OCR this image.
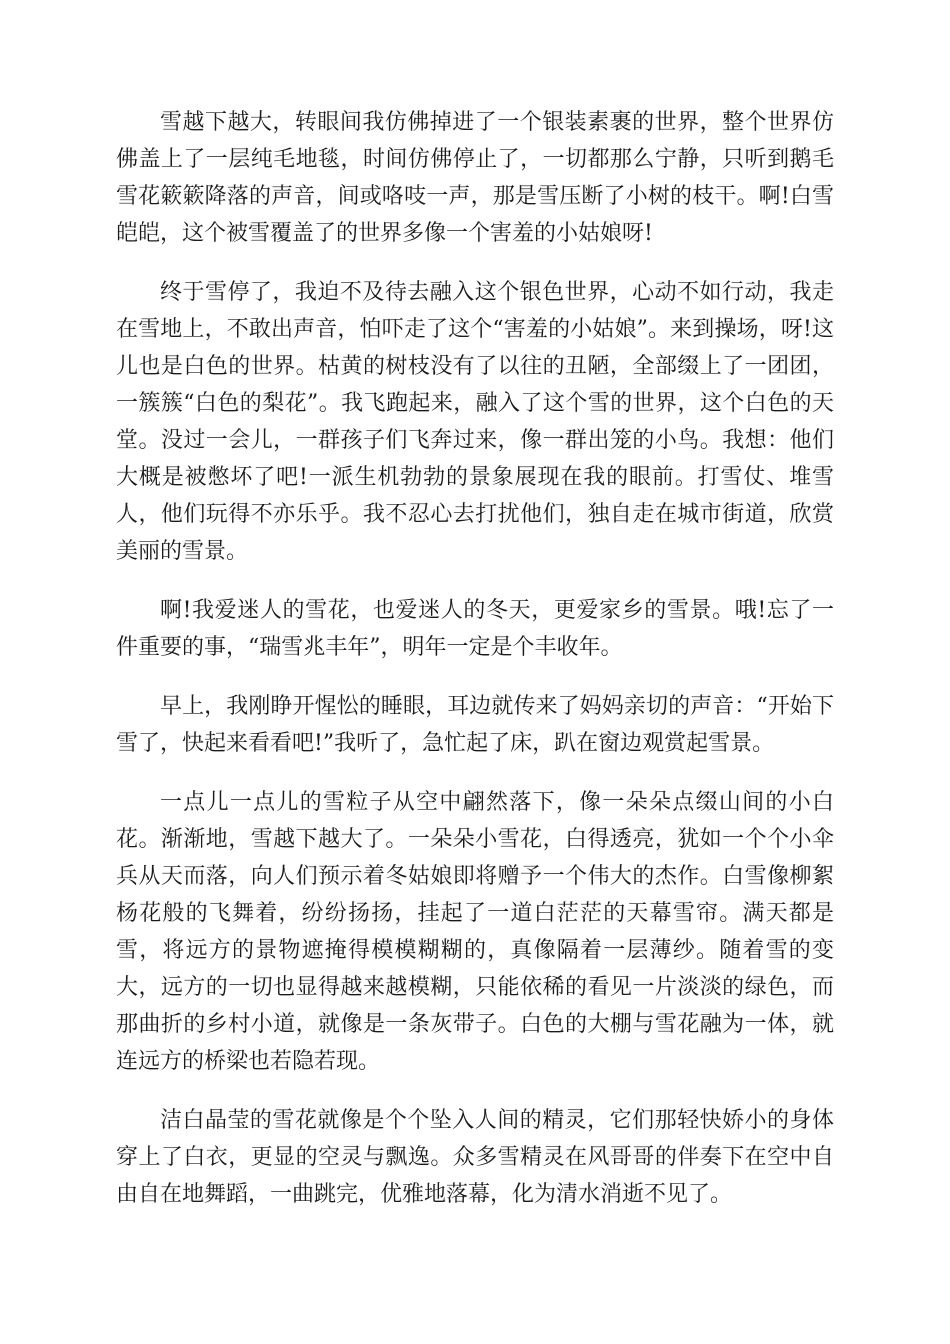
雪越下越大，转眼间我仿佛掉进了一个银装素裹的世界，整个世界仿佛盖上了一层纯毛地毯，时间仿佛停止了，一切都那么宁静，只听到鹅毛雪花簌簌降落的声音，间或咯吱一声，那是雪压断了小树的枝干。啊!白雪皑皑，这个被雪覆盖了的世界多像一个害羞的小姑娘呀!

终于雪停了，我迫不及待去融入这个银色世界，心动不如行动，我走在雪地上，不敢出声音，怕吓走了这个“害羞的小姑娘”。来到操场，呀!这儿也是白色的世界。枯黄的树枝没有了以往的丑陋，全部缀上了一团团，一簇簇“白色的梨花”。我飞跑起来，融入了这个雪的世界，这个白色的天堂。没过一会儿，一群孩子们飞奔过来，像一群出笼的小鸟。我想：他们大概是被憋坏了吧!一派生机勃勃的景象展现在我的眼前。打雪仗、堆雪人，他们玩得不亦乐乎。我不忍心去打扰他们，独自走在城市街道，欣赏美丽的雪景。

啊!我爱迷人的雪花，也爱迷人的冬天，更爱家乡的雪景。哦!忘了一件重要的事，“瑞雪兆丰年”，明年一定是个丰收年。

早上，我刚睁开惺忪的睡眼，耳边就传来了妈妈亲切的声音：“开始下雪了，快起来看看吧!”我听了，急忙起了床，趴在窗边观赏起雪景。

一点儿一点儿的雪粒子从空中翩然落下，像一朵朵点缀山间的小白花。渐渐地，雪越下越大了。一朵朵小雪花，白得透亮，犹如一个个小伞兵从天而落，向人们预示着冬姑娘即将赠予一个伟大的杰作。白雪像柳絮杨花般的飞舞着，纷纷扬扬，挂起了一道白茫茫的天幕雪帘。满天都是雪，将远方的景物遮掩得模模糊糊的，真像隔着一层薄纱。随着雪的变大，远方的一切也显得越来越模糊，只能依稀的看见一片淡淡的绿色，而那曲折的乡村小道，就像是一条灰带子。白色的大棚与雪花融为一体，就连远方的桥梁也若隐若现。

洁白晶莹的雪花就像是个个坠入人间的精灵，它们那轻快娇小的身体穿上了白衣，更显的空灵与飘逸。众多雪精灵在风哥哥的伴奏下在空中自由自在地舞蹈，一曲跳完，优雅地落幕，化为清水消逝不见了。
